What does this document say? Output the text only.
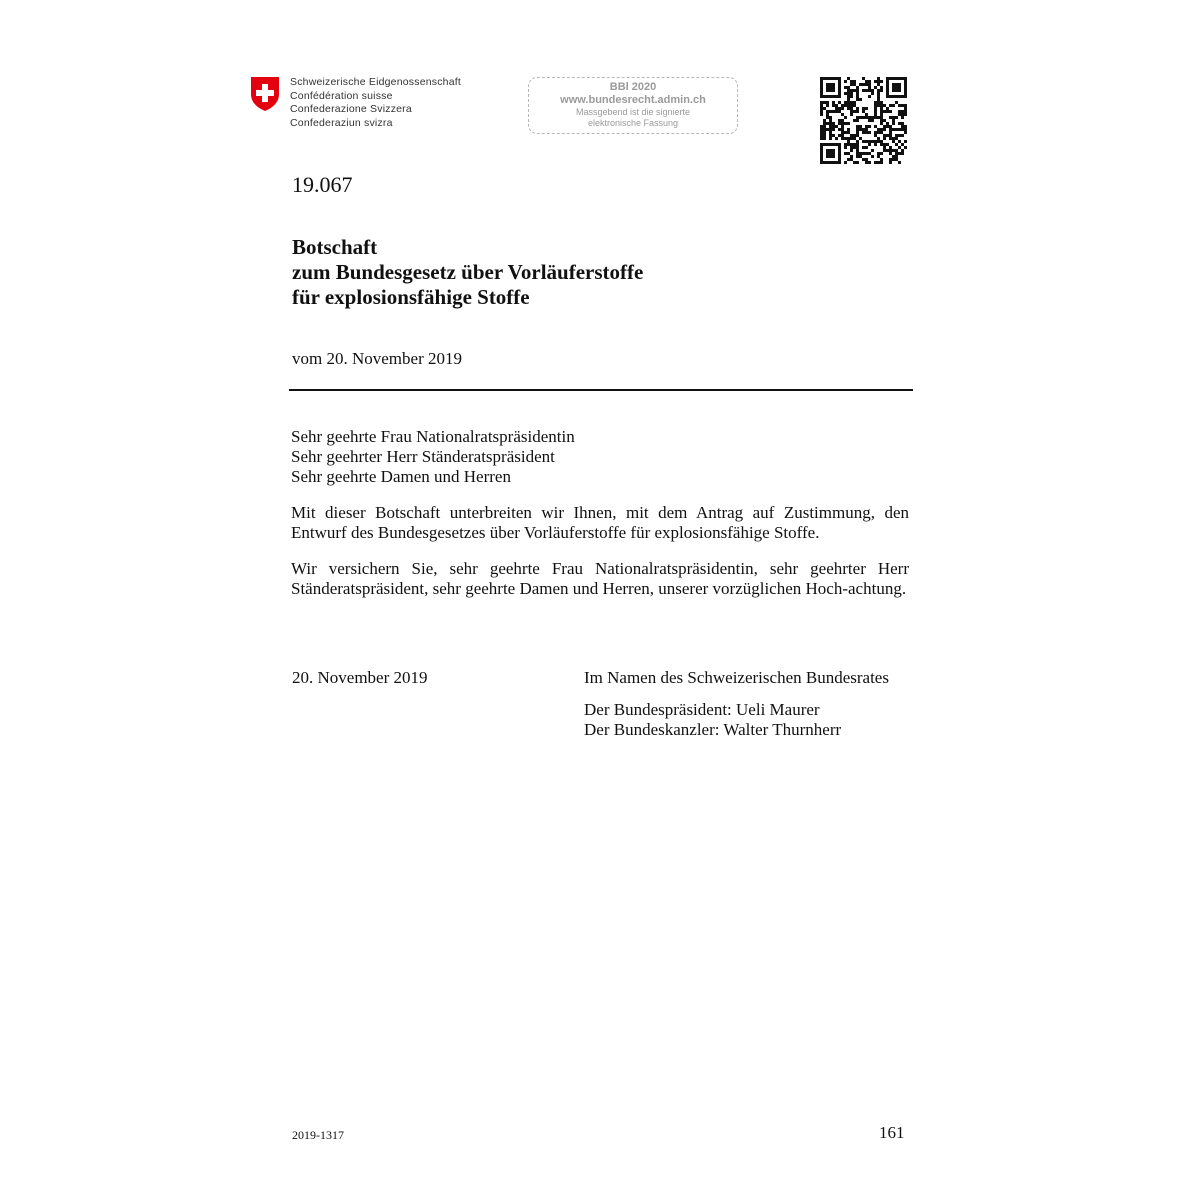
Schweizerische Eidgenossenschaft
Confédération suisse
Confederazione Svizzera
Confederaziun svizra
BBl 2020
www.bundesrecht.admin.ch
Massgebend ist die signierte
elektronische Fassung
19.067
Botschaft
zum Bundesgesetz über Vorläuferstoffe
für explosionsfähige Stoffe
vom 20. November 2019
Sehr geehrte Frau Nationalratspräsidentin
Sehr geehrter Herr Ständeratspräsident
Sehr geehrte Damen und Herren
Mit dieser Botschaft unterbreiten wir Ihnen, mit dem Antrag auf Zustimmung, den Entwurf des Bundesgesetzes über Vorläuferstoffe für explosionsfähige Stoffe.
Wir versichern Sie, sehr geehrte Frau Nationalratspräsidentin, sehr geehrter Herr Ständeratspräsident, sehr geehrte Damen und Herren, unserer vorzüglichen Hoch-achtung.
20. November 2019	Im Namen des Schweizerischen Bundesrates
Der Bundespräsident: Ueli Maurer
Der Bundeskanzler: Walter Thurnherr
2019-1317	161
